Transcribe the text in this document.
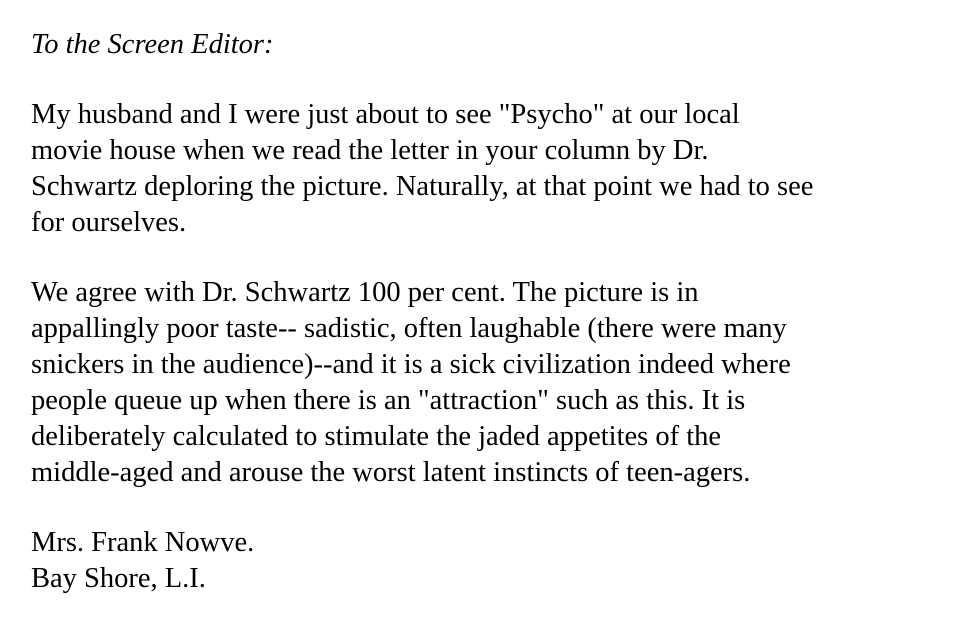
To the Screen Editor:

My husband and I were just about to see "Psycho" at our local
movie house when we read the letter in your column by Dr.
Schwartz deploring the picture. Naturally, at that point we had to see
for ourselves.

We agree with Dr. Schwartz 100 per cent. The picture is in
appallingly poor taste-- sadistic, often laughable (there were many
snickers in the audience)--and it is a sick civilization indeed where
people queue up when there is an "attraction" such as this. It is
deliberately calculated to stimulate the jaded appetites of the
middle-aged and arouse the worst latent instincts of teen-agers.

Mrs. Frank Nowve.
Bay Shore, L.I.
